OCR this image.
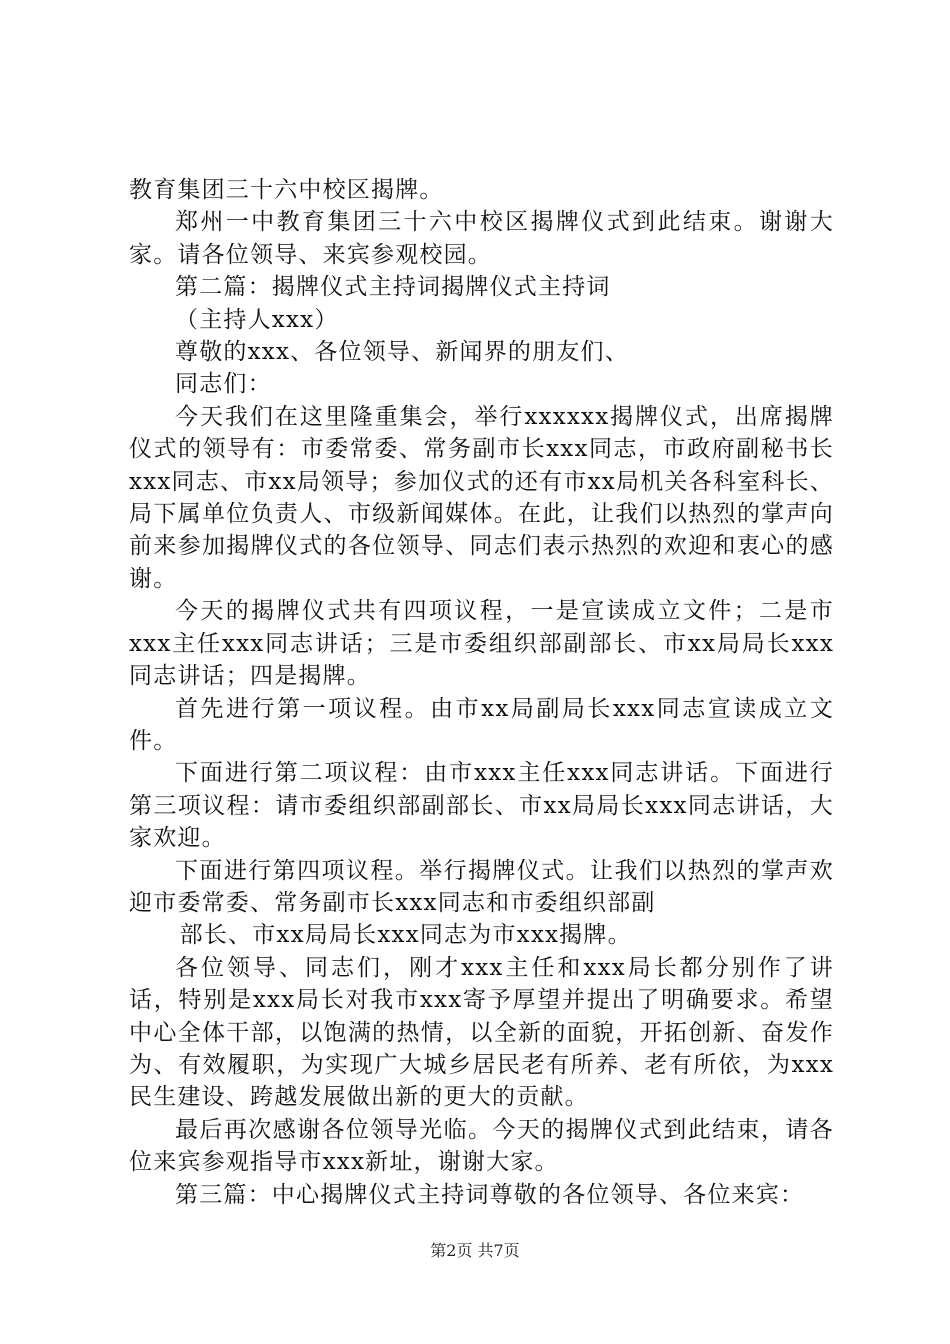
教育集团三十六中校区揭牌。

郑州一中教育集团三十六中校区揭牌仪式到此结束。谢谢大家。请各位领导、来宾参观校园。

第二篇：揭牌仪式主持词揭牌仪式主持词

（主持人xxx）

尊敬的xxx、各位领导、新闻界的朋友们、

同志们：

今天我们在这里隆重集会，举行xxxxxx揭牌仪式，出席揭牌仪式的领导有：市委常委、常务副市长xxx同志，市政府副秘书长xxx同志、市xx局领导；参加仪式的还有市xx局机关各科室科长、局下属单位负责人、市级新闻媒体。在此，让我们以热烈的掌声向前来参加揭牌仪式的各位领导、同志们表示热烈的欢迎和衷心的感谢。

今天的揭牌仪式共有四项议程，一是宣读成立文件；二是市xxx主任xxx同志讲话；三是市委组织部副部长、市xx局局长xxx同志讲话；四是揭牌。

首先进行第一项议程。由市xx局副局长xxx同志宣读成立文件。

下面进行第二项议程：由市xxx主任xxx同志讲话。下面进行第三项议程：请市委组织部副部长、市xx局局长xxx同志讲话，大家欢迎。

下面进行第四项议程。举行揭牌仪式。让我们以热烈的掌声欢迎市委常委、常务副市长xxx同志和市委组织部副

部长、市xx局局长xxx同志为市xxx揭牌。

各位领导、同志们，刚才xxx主任和xxx局长都分别作了讲话，特别是xxx局长对我市xxx寄予厚望并提出了明确要求。希望中心全体干部，以饱满的热情，以全新的面貌，开拓创新、奋发作为、有效履职，为实现广大城乡居民老有所养、老有所依，为xxx民生建设、跨越发展做出新的更大的贡献。

最后再次感谢各位领导光临。今天的揭牌仪式到此结束，请各位来宾参观指导市xxx新址，谢谢大家。

第三篇：中心揭牌仪式主持词尊敬的各位领导、各位来宾：

第2页 共7页
